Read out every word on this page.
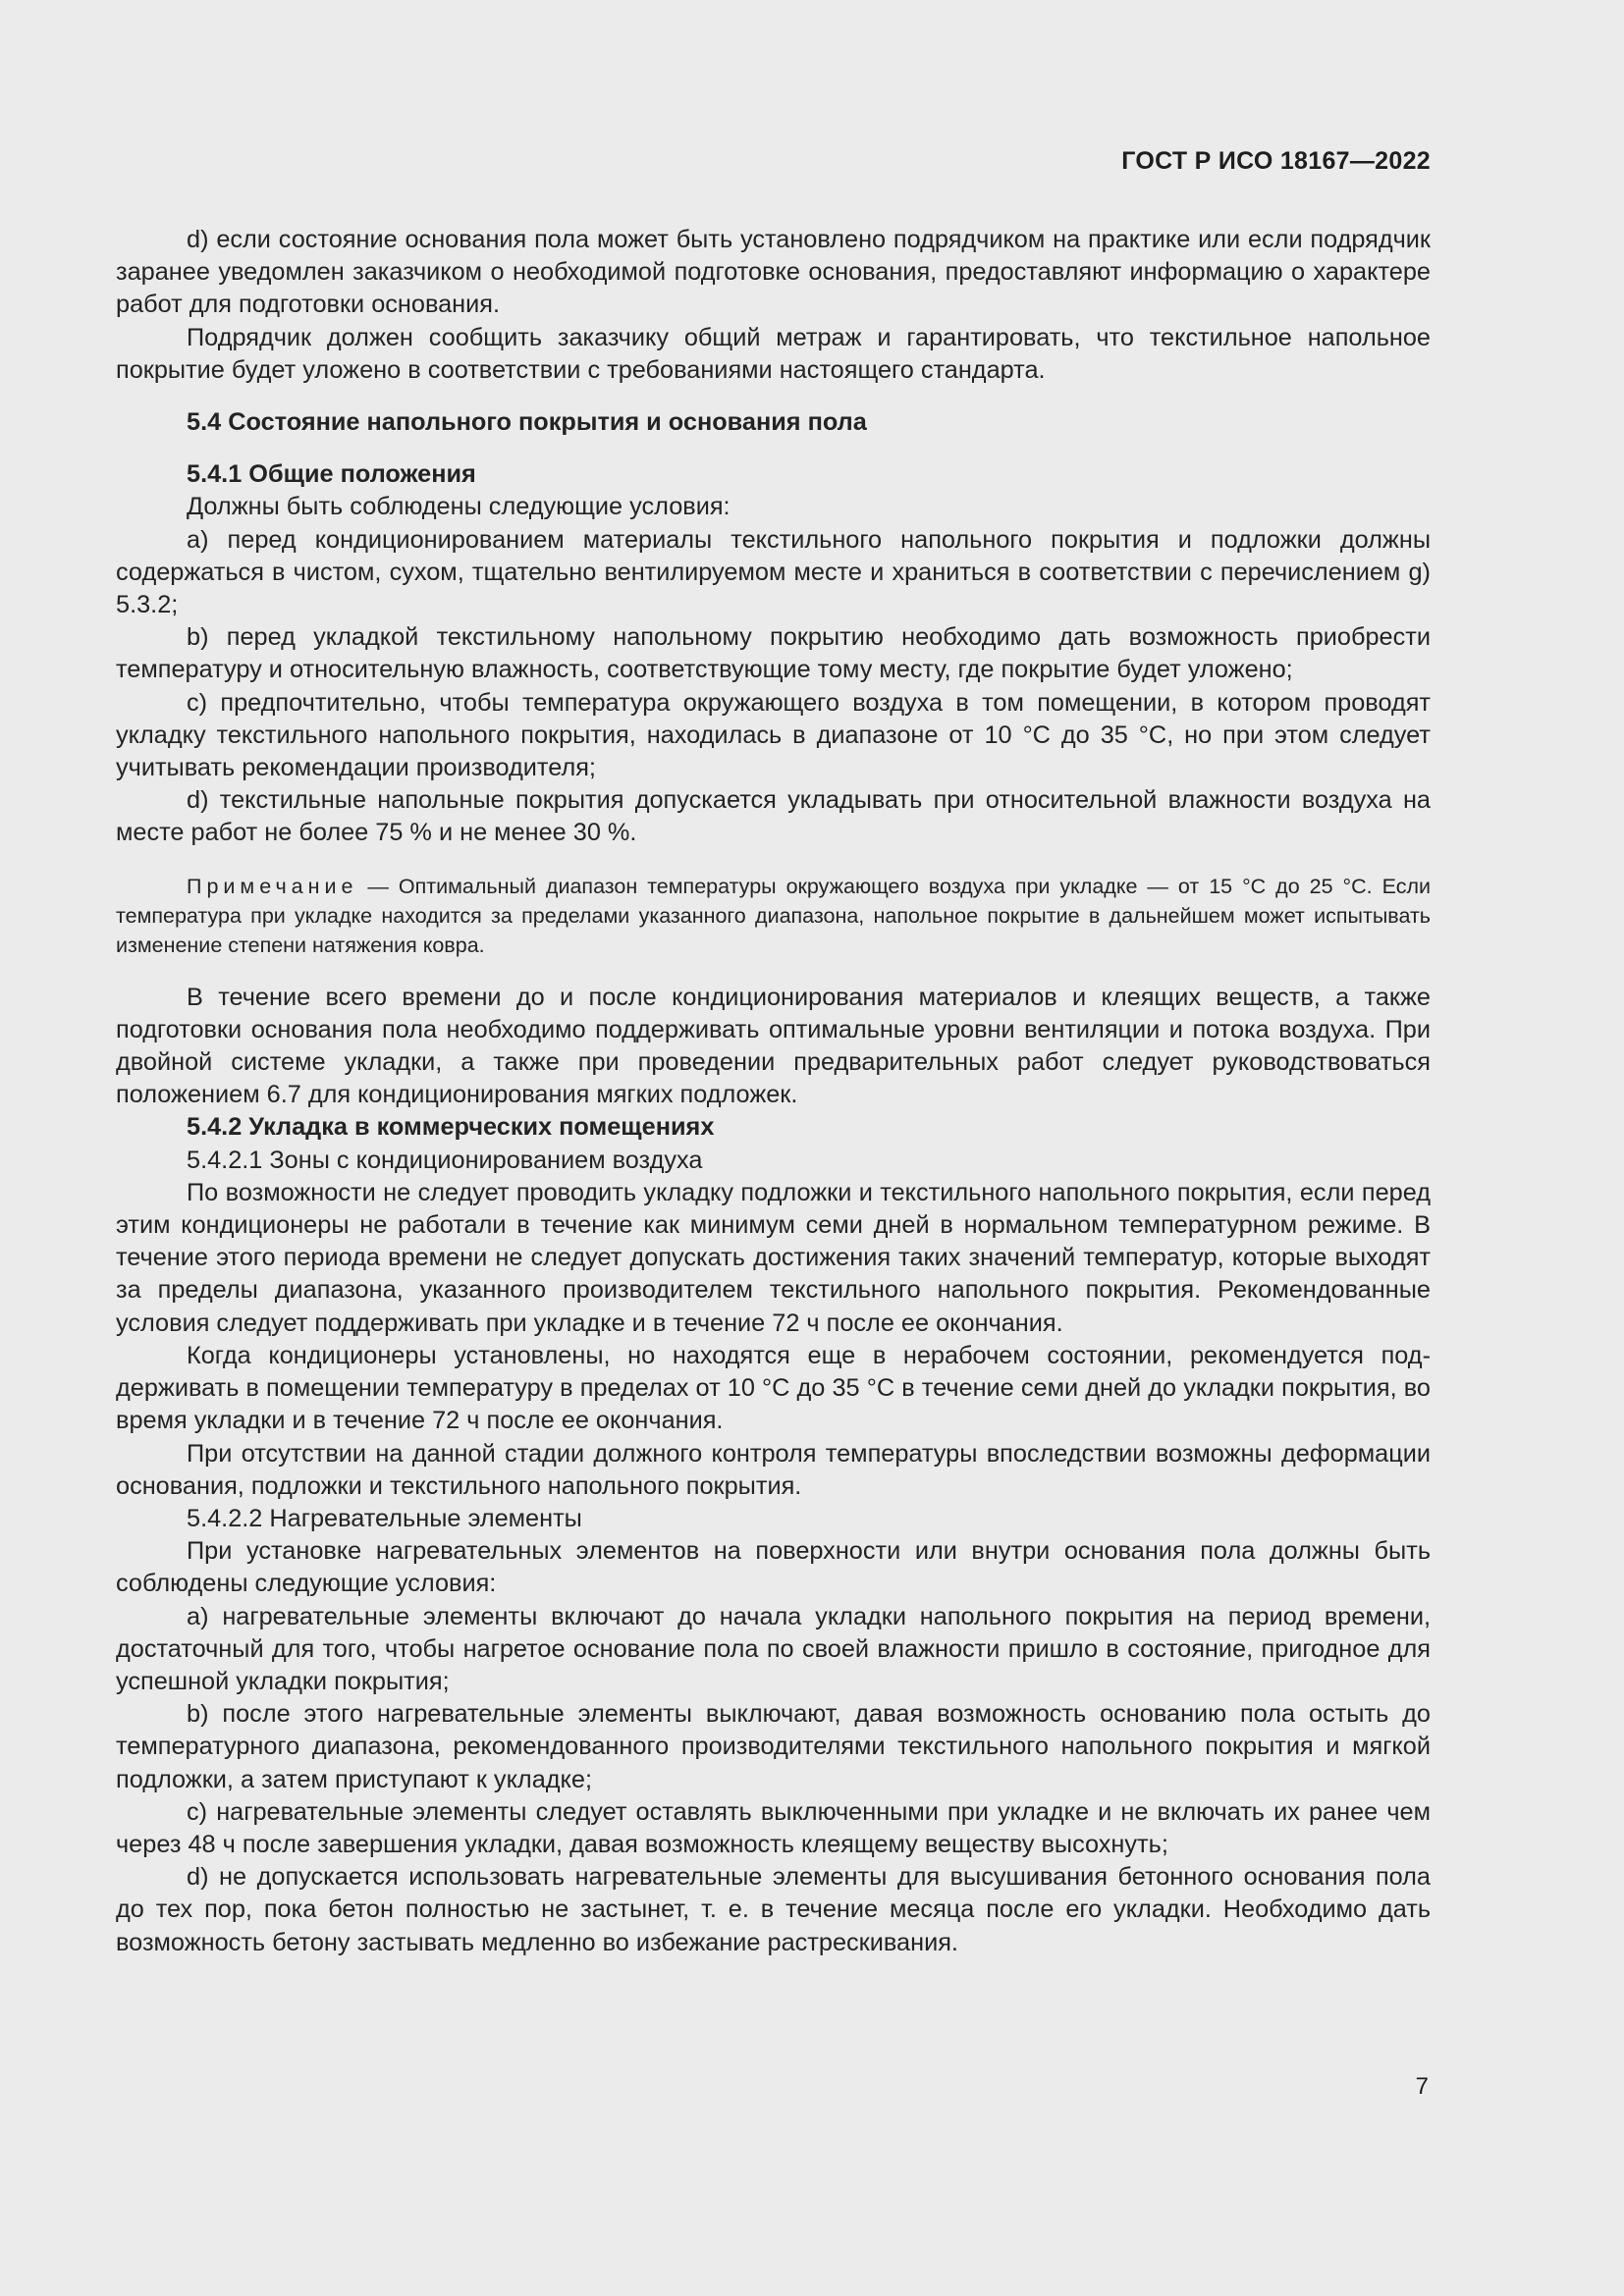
ГОСТ Р ИСО 18167—2022

d) если состояние основания пола может быть установлено подрядчиком на практике или если подрядчик заранее уведомлен заказчиком о необходимой подготовке основания, предоставляют информацию о характере работ для подготовки основания.

Подрядчик должен сообщить заказчику общий метраж и гарантировать, что текстильное напольное покрытие будет уложено в соответствии с требованиями настоящего стандарта.

5.4 Состояние напольного покрытия и основания пола

5.4.1 Общие положения

Должны быть соблюдены следующие условия:

а) перед кондиционированием материалы текстильного напольного покрытия и подложки должны содержаться в чистом, сухом, тщательно вентилируемом месте и храниться в соответствии с перечислением g) 5.3.2;

b) перед укладкой текстильному напольному покрытию необходимо дать возможность приобрести температуру и относительную влажность, соответствующие тому месту, где покрытие будет уложено;

с) предпочтительно, чтобы температура окружающего воздуха в том помещении, в котором проводят укладку текстильного напольного покрытия, находилась в диапазоне от 10 °С до 35 °С, но при этом следует учитывать рекомендации производителя;

d) текстильные напольные покрытия допускается укладывать при относительной влажности воздуха на месте работ не более 75 % и не менее 30 %.

Примечание — Оптимальный диапазон температуры окружающего воздуха при укладке — от 15 °С до 25 °С. Если температура при укладке находится за пределами указанного диапазона, напольное покрытие в дальнейшем может испытывать изменение степени натяжения ковра.

В течение всего времени до и после кондиционирования материалов и клеящих веществ, а также подготовки основания пола необходимо поддерживать оптимальные уровни вентиляции и потока воздуха. При двойной системе укладки, а также при проведении предварительных работ следует руководствоваться положением 6.7 для кондиционирования мягких подложек.

5.4.2 Укладка в коммерческих помещениях

5.4.2.1 Зоны с кондиционированием воздуха

По возможности не следует проводить укладку подложки и текстильного напольного покрытия, если перед этим кондиционеры не работали в течение как минимум семи дней в нормальном температурном режиме. В течение этого периода времени не следует допускать достижения таких значений температур, которые выходят за пределы диапазона, указанного производителем текстильного напольного покрытия. Рекомендованные условия следует поддерживать при укладке и в течение 72 ч после ее окончания.

Когда кондиционеры установлены, но находятся еще в нерабочем состоянии, рекомендуется поддерживать в помещении температуру в пределах от 10 °С до 35 °С в течение семи дней до укладки покрытия, во время укладки и в течение 72 ч после ее окончания.

При отсутствии на данной стадии должного контроля температуры впоследствии возможны деформации основания, подложки и текстильного напольного покрытия.

5.4.2.2 Нагревательные элементы

При установке нагревательных элементов на поверхности или внутри основания пола должны быть соблюдены следующие условия:

а) нагревательные элементы включают до начала укладки напольного покрытия на период времени, достаточный для того, чтобы нагретое основание пола по своей влажности пришло в состояние, пригодное для успешной укладки покрытия;

b) после этого нагревательные элементы выключают, давая возможность основанию пола остыть до температурного диапазона, рекомендованного производителями текстильного напольного покрытия и мягкой подложки, а затем приступают к укладке;

с) нагревательные элементы следует оставлять выключенными при укладке и не включать их ранее чем через 48 ч после завершения укладки, давая возможность клеящему веществу высохнуть;

d) не допускается использовать нагревательные элементы для высушивания бетонного основания пола до тех пор, пока бетон полностью не застынет, т. е. в течение месяца после его укладки. Необходимо дать возможность бетону застывать медленно во избежание растрескивания.

7
